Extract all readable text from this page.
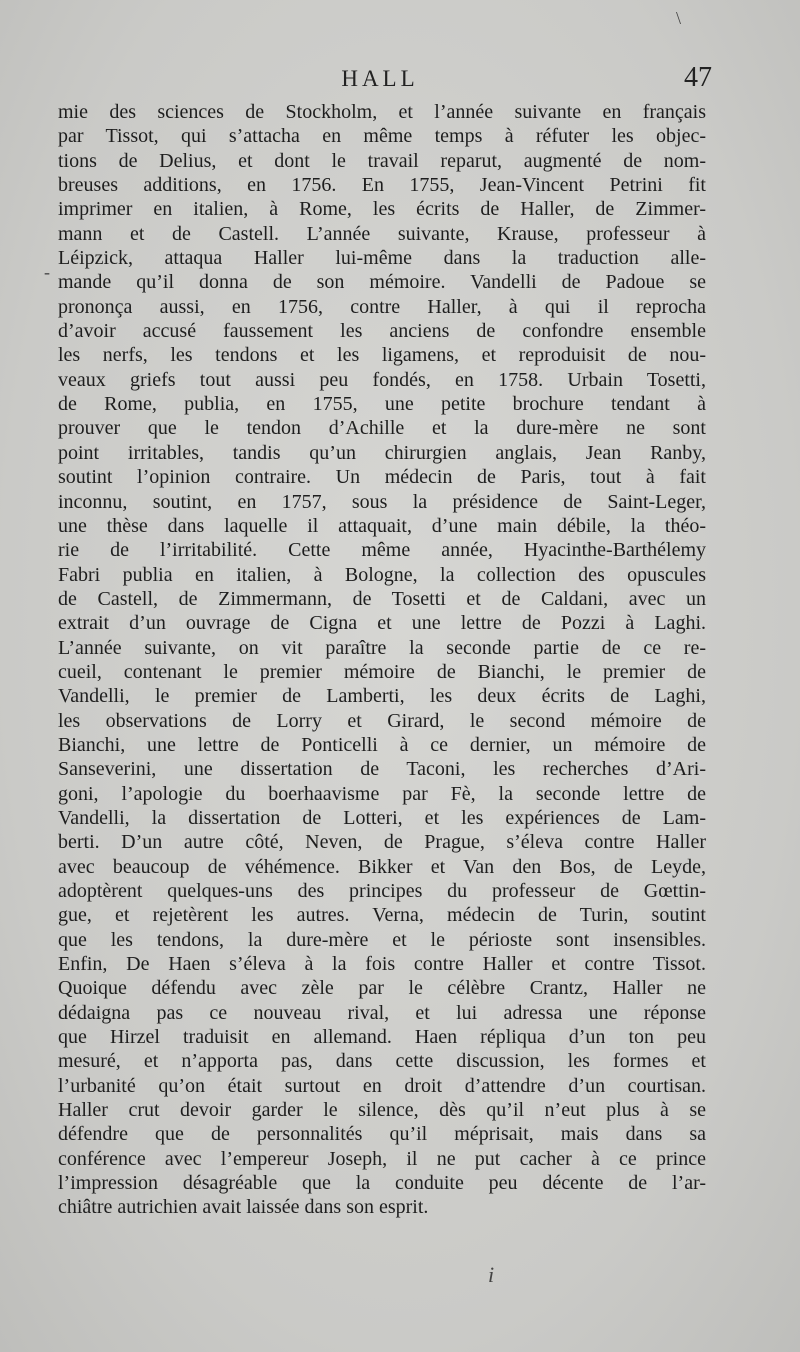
\
-
HALL	47
mie des sciences de Stockholm, et l’année suivante en français
par Tissot, qui s’attacha en même temps à réfuter les objec-
tions de Delius, et dont le travail reparut, augmenté de nom-
breuses additions, en 1756. En 1755, Jean-Vincent Petrini fit
imprimer en italien, à Rome, les écrits de Haller, de Zimmer-
mann et de Castell. L’année suivante, Krause, professeur à
Léipzick, attaqua Haller lui-même dans la traduction alle-
mande qu’il donna de son mémoire. Vandelli de Padoue se
prononça aussi, en 1756, contre Haller, à qui il reprocha
d’avoir accusé faussement les anciens de confondre ensemble
les nerfs, les tendons et les ligamens, et reproduisit de nou-
veaux griefs tout aussi peu fondés, en 1758. Urbain Tosetti,
de Rome, publia, en 1755, une petite brochure tendant à
prouver que le tendon d’Achille et la dure-mère ne sont
point irritables, tandis qu’un chirurgien anglais, Jean Ranby,
soutint l’opinion contraire. Un médecin de Paris, tout à fait
inconnu, soutint, en 1757, sous la présidence de Saint-Leger,
une thèse dans laquelle il attaquait, d’une main débile, la théo-
rie de l’irritabilité. Cette même année, Hyacinthe-Barthélemy
Fabri publia en italien, à Bologne, la collection des opuscules
de Castell, de Zimmermann, de Tosetti et de Caldani, avec un
extrait d’un ouvrage de Cigna et une lettre de Pozzi à Laghi.
L’année suivante, on vit paraître la seconde partie de ce re-
cueil, contenant le premier mémoire de Bianchi, le premier de
Vandelli, le premier de Lamberti, les deux écrits de Laghi,
les observations de Lorry et Girard, le second mémoire de
Bianchi, une lettre de Ponticelli à ce dernier, un mémoire de
Sanseverini, une dissertation de Taconi, les recherches d’Ari-
goni, l’apologie du boerhaavisme par Fè, la seconde lettre de
Vandelli, la dissertation de Lotteri, et les expériences de Lam-
berti. D’un autre côté, Neven, de Prague, s’éleva contre Haller
avec beaucoup de véhémence. Bikker et Van den Bos, de Leyde,
adoptèrent quelques-uns des principes du professeur de Gœttin-
gue, et rejetèrent les autres. Verna, médecin de Turin, soutint
que les tendons, la dure-mère et le périoste sont insensibles.
Enfin, De Haen s’éleva à la fois contre Haller et contre Tissot.
Quoique défendu avec zèle par le célèbre Crantz, Haller ne
dédaigna pas ce nouveau rival, et lui adressa une réponse
que Hirzel traduisit en allemand. Haen répliqua d’un ton peu
mesuré, et n’apporta pas, dans cette discussion, les formes et
l’urbanité qu’on était surtout en droit d’attendre d’un courtisan.
Haller crut devoir garder le silence, dès qu’il n’eut plus à se
défendre que de personnalités qu’il méprisait, mais dans sa
conférence avec l’empereur Joseph, il ne put cacher à ce prince
l’impression désagréable que la conduite peu décente de l’ar-
chiâtre autrichien avait laissée dans son esprit.
i
